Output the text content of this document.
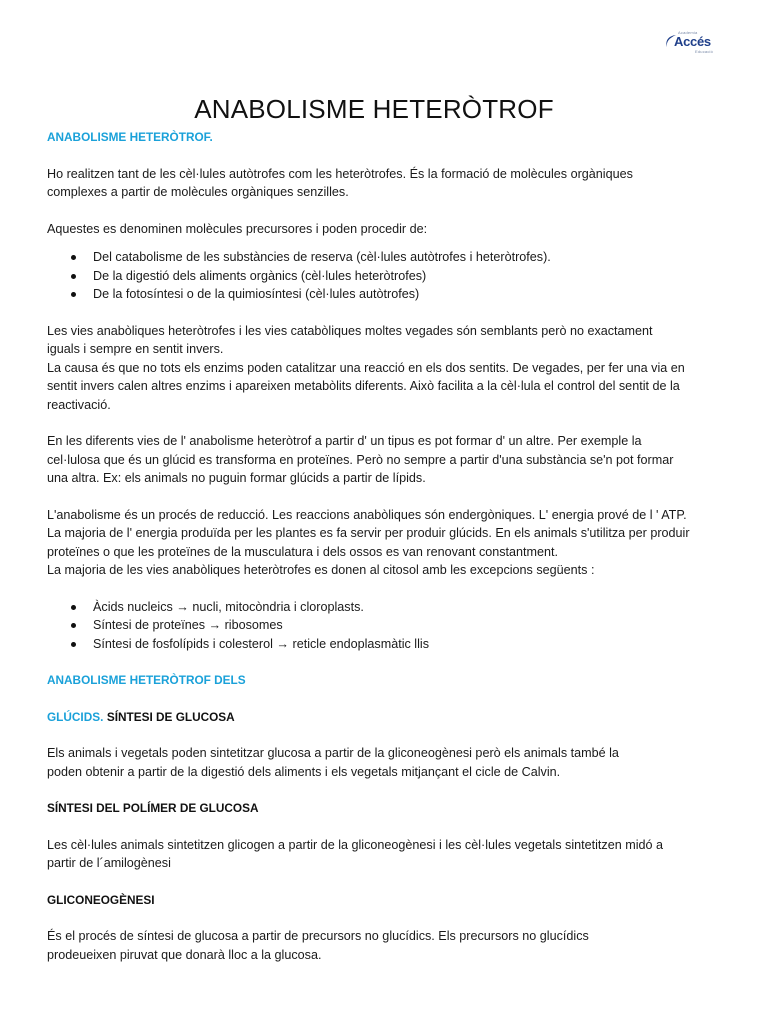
Academia
Accés
Educació
ANABOLISME HETERÒTROF

ANABOLISME HETERÒTROF.

Ho realitzen tant de les cèl·lules autòtrofes com les heteròtrofes. És la formació de molècules orgàniques

complexes a partir de molècules orgàniques senzilles.

Aquestes es denominen molècules precursores i poden procedir de:

Del catabolisme de les substàncies de reserva (cèl·lules autòtrofes i heteròtrofes).
De la digestió dels aliments orgànics (cèl·lules heteròtrofes)
De la fotosíntesi o de la quimiosíntesi (cèl·lules autòtrofes)

Les vies anabòliques heteròtrofes i les vies catabòliques moltes vegades són semblants però no exactament

iguals i sempre en sentit invers.

La causa és que no tots els enzims poden catalitzar una reacció en els dos sentits. De vegades, per fer una via en

sentit invers calen altres enzims i apareixen metabòlits diferents. Això facilita a la cèl·lula el control del sentit de la

reactivació.

En les diferents vies de l' anabolisme heteròtrof a partir d' un tipus es pot formar d' un altre. Per exemple la

cel·lulosa que és un glúcid es transforma en proteïnes. Però no sempre a partir d'una substància se'n pot formar

una altra. Ex: els animals no puguin formar glúcids a partir de lípids.

L'anabolisme és un procés de reducció. Les reaccions anabòliques són endergòniques. L' energia prové de l ' ATP.

La majoria de l' energia produïda per les plantes es fa servir per produir glúcids. En els animals s'utilitza per produir

proteïnes o que les proteïnes de la musculatura i dels ossos es van renovant constantment.

La majoria de les vies anabòliques heteròtrofes es donen al citosol amb les excepcions següents :

Àcids nucleics → nucli, mitocòndria i cloroplasts.
Síntesi de proteïnes → ribosomes
Síntesi de fosfolípids i colesterol → reticle endoplasmàtic llis

ANABOLISME HETERÒTROF DELS

GLÚCIDS. SÍNTESI DE GLUCOSA

Els animals i vegetals poden sintetitzar glucosa a partir de la gliconeogènesi però els animals també la

poden obtenir a partir de la digestió dels aliments i els vegetals mitjançant el cicle de Calvin.

SÍNTESI DEL POLÍMER DE GLUCOSA

Les cèl·lules animals sintetitzen glicogen a partir de la gliconeogènesi i les cèl·lules vegetals sintetitzen midó a

partir de l´amilogènesi

GLICONEOGÈNESI

És el procés de síntesi de glucosa a partir de precursors no glucídics. Els precursors no glucídics

prodeueixen piruvat que donarà lloc a la glucosa.
